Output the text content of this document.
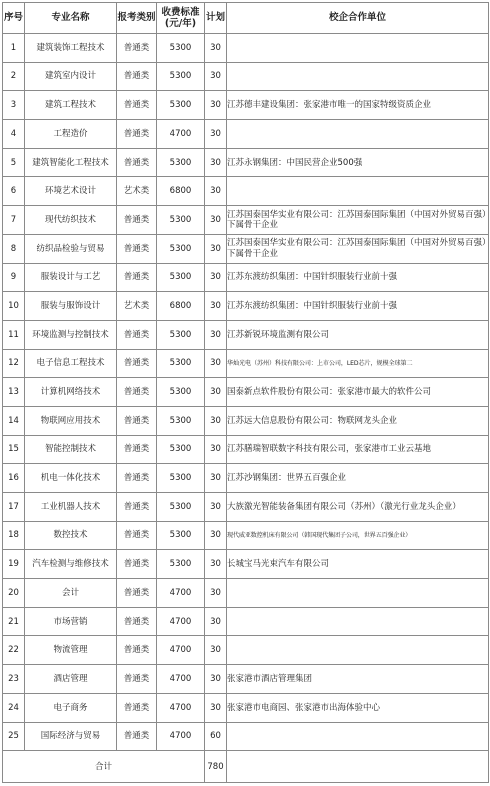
序号	专业名称	报考类别	收费标准(元/年)	计划	校企合作单位
1	建筑装饰工程技术	普通类	5300	30	
2	建筑室内设计	普通类	5300	30	
3	建筑工程技术	普通类	5300	30	江苏德丰建设集团：张家港市唯一的国家特级资质企业
4	工程造价	普通类	4700	30	
5	建筑智能化工程技术	普通类	5300	30	江苏永钢集团：中国民营企业500强
6	环境艺术设计	艺术类	6800	30	
7	现代纺织技术	普通类	5300	30	江苏国泰国华实业有限公司：江苏国泰国际集团（中国对外贸易百强）下属骨干企业
8	纺织品检验与贸易	普通类	5300	30	江苏国泰国华实业有限公司：江苏国泰国际集团（中国对外贸易百强）下属骨干企业
9	服装设计与工艺	普通类	5300	30	江苏东渡纺织集团：中国针织服装行业前十强
10	服装与服饰设计	艺术类	6800	30	江苏东渡纺织集团：中国针织服装行业前十强
11	环境监测与控制技术	普通类	5300	30	江苏新锐环境监测有限公司
12	电子信息工程技术	普通类	5300	30	华灿光电（苏州）科技有限公司：上市公司，LED芯片，规模全球第二
13	计算机网络技术	普通类	5300	30	国泰新点软件股份有限公司：张家港市最大的软件公司
14	物联网应用技术	普通类	5300	30	江苏远大信息股份有限公司：物联网龙头企业
15	智能控制技术	普通类	5300	30	江苏膳瑞智联数字科技有限公司，张家港市工业云基地
16	机电一体化技术	普通类	5300	30	江苏沙钢集团：世界五百强企业
17	工业机器人技术	普通类	5300	30	大族激光智能装备集团有限公司（苏州）（激光行业龙头企业）
18	数控技术	普通类	5300	30	现代威亚数控机床有限公司（韩国现代集团子公司，世界五百强企业）
19	汽车检测与维修技术	普通类	5300	30	长城宝马光束汽车有限公司
20	会计	普通类	4700	30	
21	市场营销	普通类	4700	30	
22	物流管理	普通类	4700	30	
23	酒店管理	普通类	4700	30	张家港市酒店管理集团
24	电子商务	普通类	4700	30	张家港市电商园、张家港市出海体验中心
25	国际经济与贸易	普通类	4700	60	
合计				780	
